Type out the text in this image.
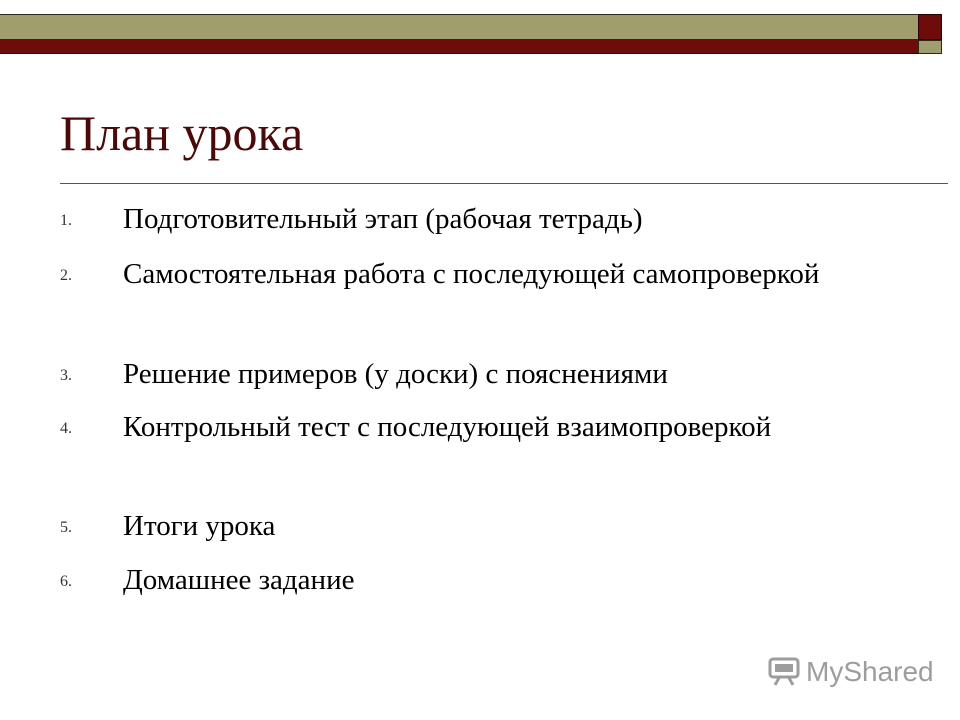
План урока
1. Подготовительный этап (рабочая тетрадь)
2. Самостоятельная работа с последующей самопроверкой
3. Решение примеров (у доски) с пояснениями
4. Контрольный тест с последующей взаимопроверкой
5. Итоги урока
6. Домашнее задание
MyShared
